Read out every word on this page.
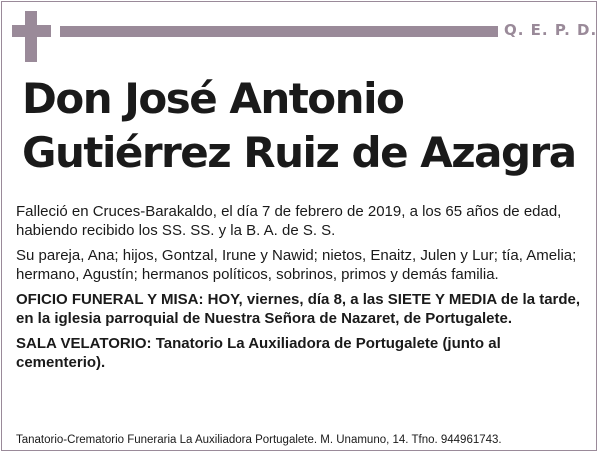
Q. E. P. D.
Don José Antonio
Gutiérrez Ruiz de Azagra

Falleció en Cruces-Barakaldo, el día 7 de febrero de 2019, a los 65 años de edad, habiendo recibido los SS. SS. y la B. A. de S. S.

Su pareja, Ana; hijos, Gontzal, Irune y Nawid; nietos, Enaitz, Julen y Lur; tía, Amelia; hermano, Agustín; hermanos políticos, sobrinos, primos y demás familia.

OFICIO FUNERAL Y MISA: HOY, viernes, día 8, a las SIETE Y MEDIA de la tarde, en la iglesia parroquial de Nuestra Señora de Nazaret, de Portugalete.

SALA VELATORIO: Tanatorio La Auxiliadora de Portugalete (junto al cementerio).

Tanatorio-Crematorio Funeraria La Auxiliadora Portugalete. M. Unamuno, 14. Tfno. 944961743.
